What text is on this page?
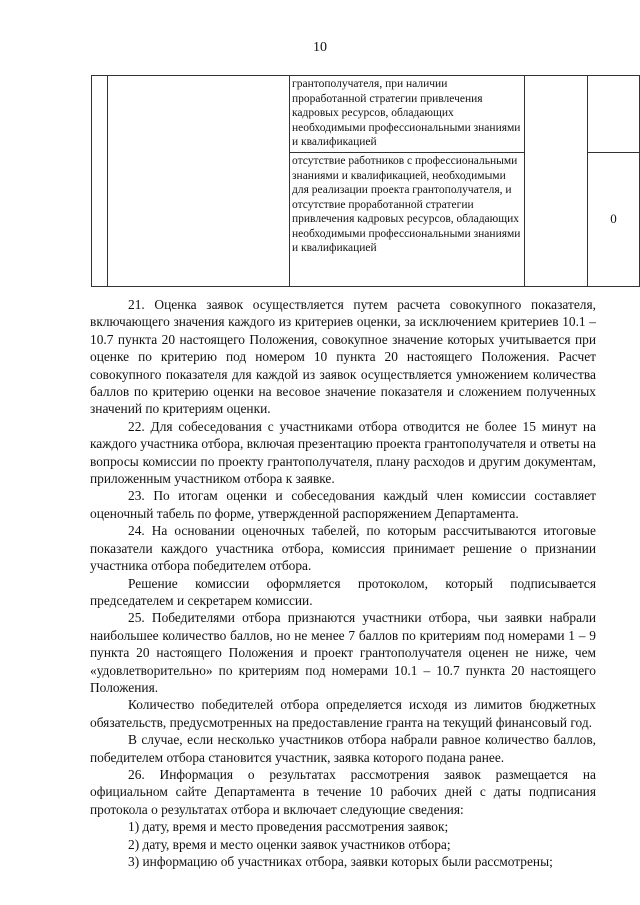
10

		грантополучателя, при наличии проработанной стратегии привлечения кадровых ресурсов, обладающих необходимыми профессиональными знаниями и квалификацией		

		отсутствие работников с профессиональными знаниями и квалификацией, необходимыми для реализации проекта грантополучателя, и отсутствие проработанной стратегии привлечения кадровых ресурсов, обладающих необходимыми профессиональными знаниями и квалификацией		0

21. Оценка заявок осуществляется путем расчета совокупного показателя, включающего значения каждого из критериев оценки, за исключением критериев 10.1 – 10.7 пункта 20 настоящего Положения, совокупное значение которых учитывается при оценке по критерию под номером 10 пункта 20 настоящего Положения. Расчет совокупного показателя для каждой из заявок осуществляется умножением количества баллов по критерию оценки на весовое значение показателя и сложением полученных значений по критериям оценки.

22. Для собеседования с участниками отбора отводится не более 15 минут на каждого участника отбора, включая презентацию проекта грантополучателя и ответы на вопросы комиссии по проекту грантополучателя, плану расходов и другим документам, приложенным участником отбора к заявке.

23. По итогам оценки и собеседования каждый член комиссии составляет оценочный табель по форме, утвержденной распоряжением Департамента.

24. На основании оценочных табелей, по которым рассчитываются итоговые показатели каждого участника отбора, комиссия принимает решение о признании участника отбора победителем отбора.

Решение комиссии оформляется протоколом, который подписывается председателем и секретарем комиссии.

25. Победителями отбора признаются участники отбора, чьи заявки набрали наибольшее количество баллов, но не менее 7 баллов по критериям под номерами 1 – 9 пункта 20 настоящего Положения и проект грантополучателя оценен не ниже, чем «удовлетворительно» по критериям под номерами 10.1 – 10.7 пункта 20 настоящего Положения.

Количество победителей отбора определяется исходя из лимитов бюджетных обязательств, предусмотренных на предоставление гранта на текущий финансовый год.

В случае, если несколько участников отбора набрали равное количество баллов, победителем отбора становится участник, заявка которого подана ранее.

26. Информация о результатах рассмотрения заявок размещается на официальном сайте Департамента в течение 10 рабочих дней с даты подписания протокола о результатах отбора и включает следующие сведения:

1) дату, время и место проведения рассмотрения заявок;

2) дату, время и место оценки заявок участников отбора;

3) информацию об участниках отбора, заявки которых были рассмотрены;
